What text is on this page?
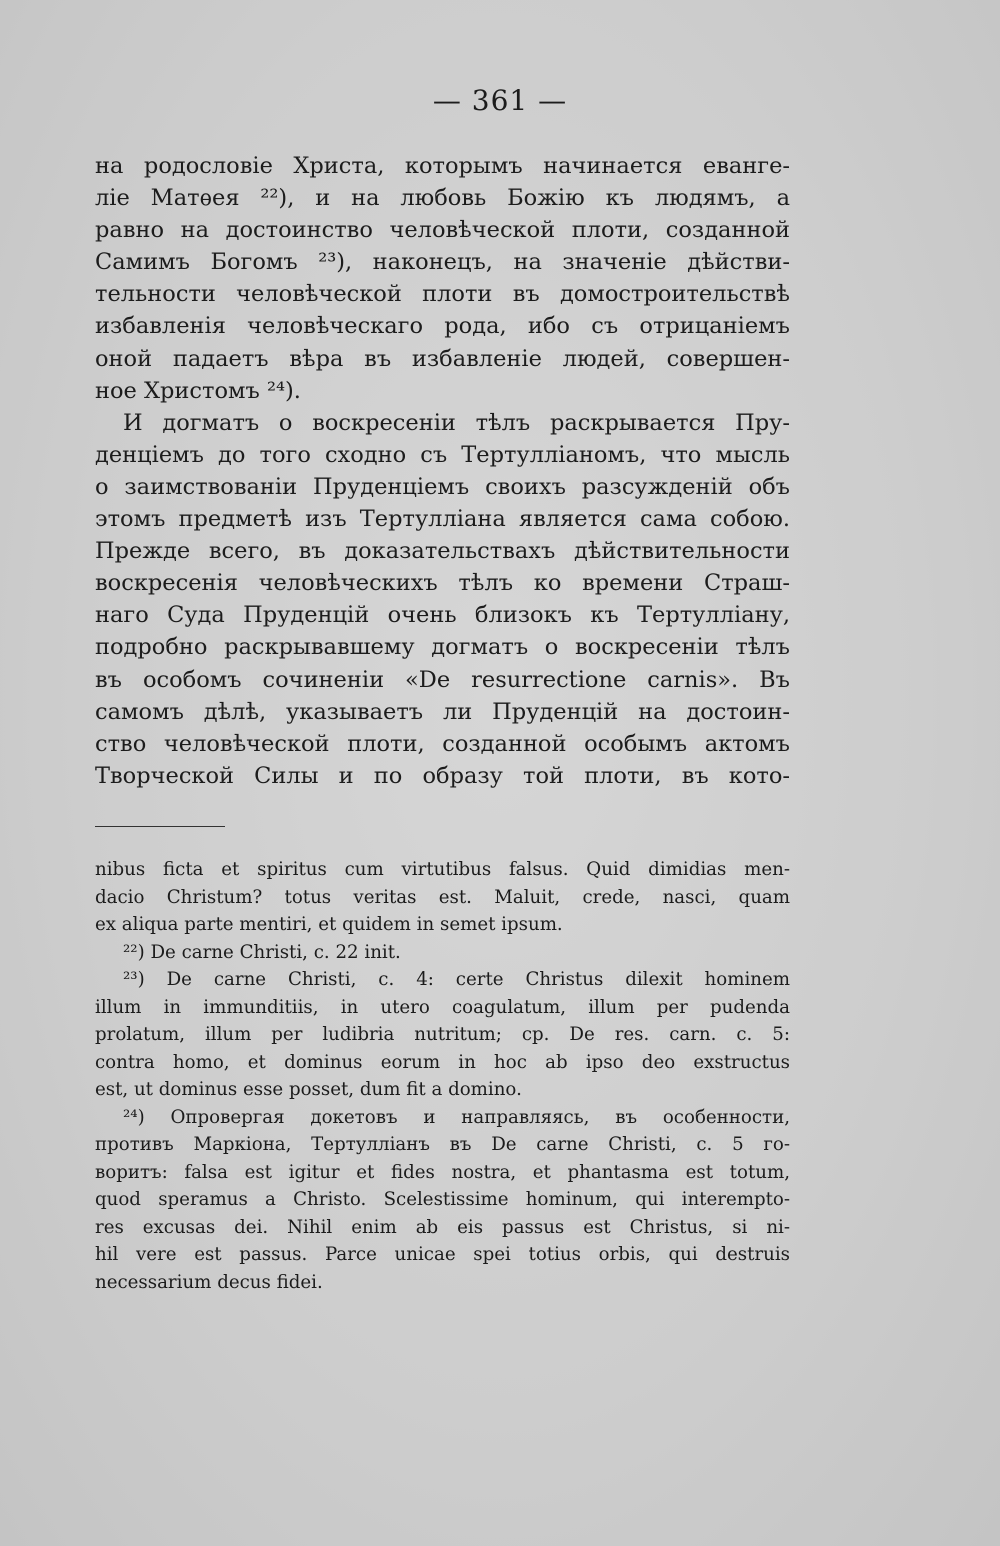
— 361 —
на родословіе Христа, которымъ начинается еванге-
ліе Матѳея ²²), и на любовь Божію къ людямъ, а
равно на достоинство человѣческой плоти, созданной
Самимъ Богомъ ²³), наконецъ, на значеніе дѣйстви-
тельности человѣческой плоти въ домостроительствѣ
избавленія человѣческаго рода, ибо съ отрицаніемъ
оной падаетъ вѣра въ избавленіе людей, совершен-
ное Христомъ ²⁴).
И догматъ о воскресеніи тѣлъ раскрывается Пру-
денціемъ до того сходно съ Тертулліаномъ, что мысль
о заимствованіи Пруденціемъ своихъ разсужденій объ
этомъ предметѣ изъ Тертулліана является сама собою.
Прежде всего, въ доказательствахъ дѣйствительности
воскресенія человѣческихъ тѣлъ ко времени Страш-
наго Суда Пруденцій очень близокъ къ Тертулліану,
подробно раскрывавшему догматъ о воскресеніи тѣлъ
въ особомъ сочиненіи «De resurrectione carnis». Въ
самомъ дѣлѣ, указываетъ ли Пруденцій на достоин-
ство человѣческой плоти, созданной особымъ актомъ
Творческой Силы и по образу той плоти, въ кото-
nibus ficta et spiritus cum virtutibus falsus. Quid dimidias men-
dacio Christum? totus veritas est. Maluit, crede, nasci, quam
ex aliqua parte mentiri, et quidem in semet ipsum.
²²) De carne Christi, c. 22 init.
²³) De carne Christi, c. 4: certe Christus dilexit hominem
illum in immunditiis, in utero coagulatum, illum per pudenda
prolatum, illum per ludibria nutritum; cp. De res. carn. c. 5:
contra homo, et dominus eorum in hoc ab ipso deo exstructus
est, ut dominus esse posset, dum fit a domino.
²⁴) Опровергая докетовъ и направляясь, въ особенности,
противъ Маркіона, Тертулліанъ въ De carne Christi, c. 5 го-
воритъ: falsa est igitur et fides nostra, et phantasma est totum,
quod speramus a Christo. Scelestissime hominum, qui interempto-
res excusas dei. Nihil enim ab eis passus est Christus, si ni-
hil vere est passus. Parce unicae spei totius orbis, qui destruis
necessarium decus fidei.
